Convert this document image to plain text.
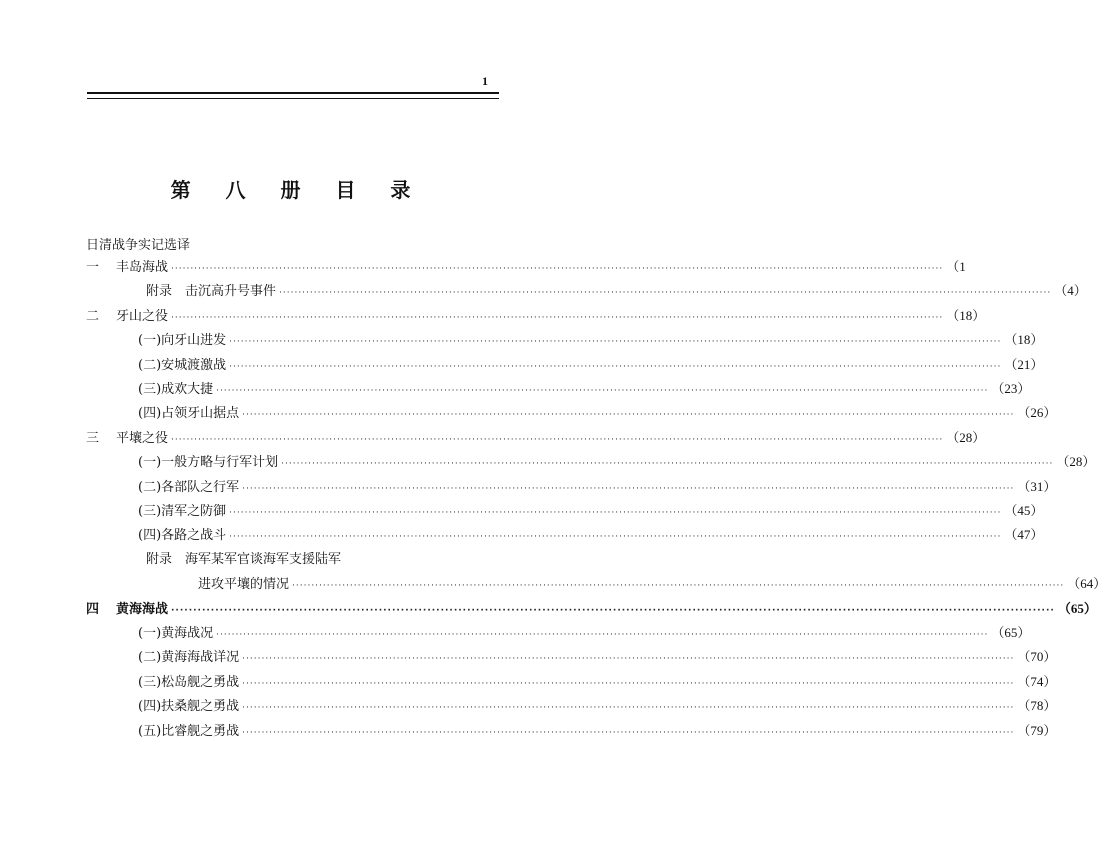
1
第 八 册 目 录
日清战争实记选译
一	丰岛海战 ········································································································································································································ （1
附录　击沉高升号事件 ········································································································································································································ （4）
二	牙山之役 ········································································································································································································ （18）
(一)向牙山进发 ········································································································································································································ （18）
(二)安城渡激战 ········································································································································································································ （21）
(三)成欢大捷 ········································································································································································································ （23）
(四)占领牙山据点 ········································································································································································································ （26）
三	平壤之役 ········································································································································································································ （28）
(一)一般方略与行军计划 ········································································································································································································ （28）
(二)各部队之行军 ········································································································································································································ （31）
(三)清军之防御 ········································································································································································································ （45）
(四)各路之战斗 ········································································································································································································ （47）
附录　海军某军官谈海军支援陆军
进攻平壤的情况 ········································································································································································································ （64）
四	黄海海战 ········································································································································································································ （65）
(一)黄海战况 ········································································································································································································ （65）
(二)黄海海战详况 ········································································································································································································ （70）
(三)松岛舰之勇战 ········································································································································································································ （74）
(四)扶桑舰之勇战 ········································································································································································································ （78）
(五)比睿舰之勇战 ········································································································································································································ （79）
